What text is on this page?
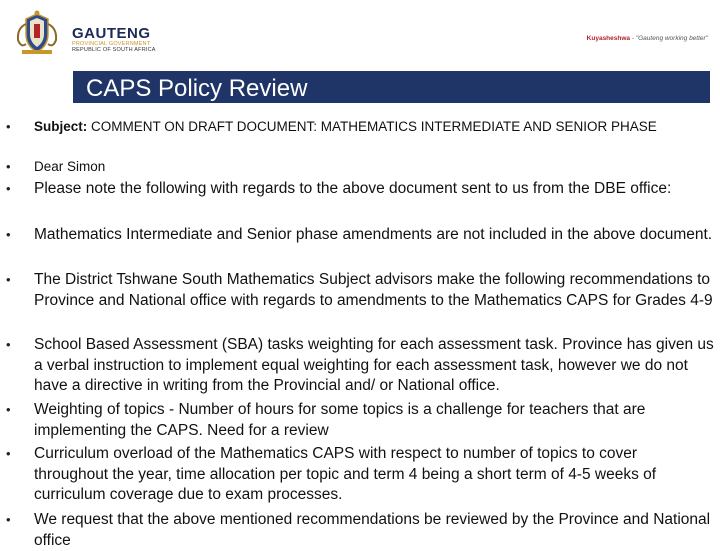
GAUTENG
PROVINCIAL GOVERNMENT
REPUBLIC OF SOUTH AFRICA
Kuyasheshwa - "Gauteng working better"
CAPS Policy Review
• Subject: COMMENT ON DRAFT DOCUMENT: MATHEMATICS INTERMEDIATE AND SENIOR PHASE
• Dear Simon
• Please note the following with regards to the above document sent to us from the DBE office:
• Mathematics Intermediate and Senior phase amendments are not included in the above document.
• The District Tshwane South Mathematics Subject advisors make the following recommendations to Province and National office with regards to amendments to the Mathematics CAPS for Grades 4-9
• School Based Assessment (SBA) tasks weighting for each assessment task. Province has given us a verbal instruction to implement equal weighting for each assessment task, however we do not have a directive in writing from the Provincial and/ or National office.
• Weighting of topics - Number of hours for some topics is a challenge for teachers that are implementing the CAPS. Need for a review
• Curriculum overload of the Mathematics CAPS with respect to number of topics to cover throughout the year, time allocation per topic and term 4 being a short term of 4-5 weeks of curriculum coverage due to exam processes.
• We request that the above mentioned recommendations be reviewed by the Province and National office
